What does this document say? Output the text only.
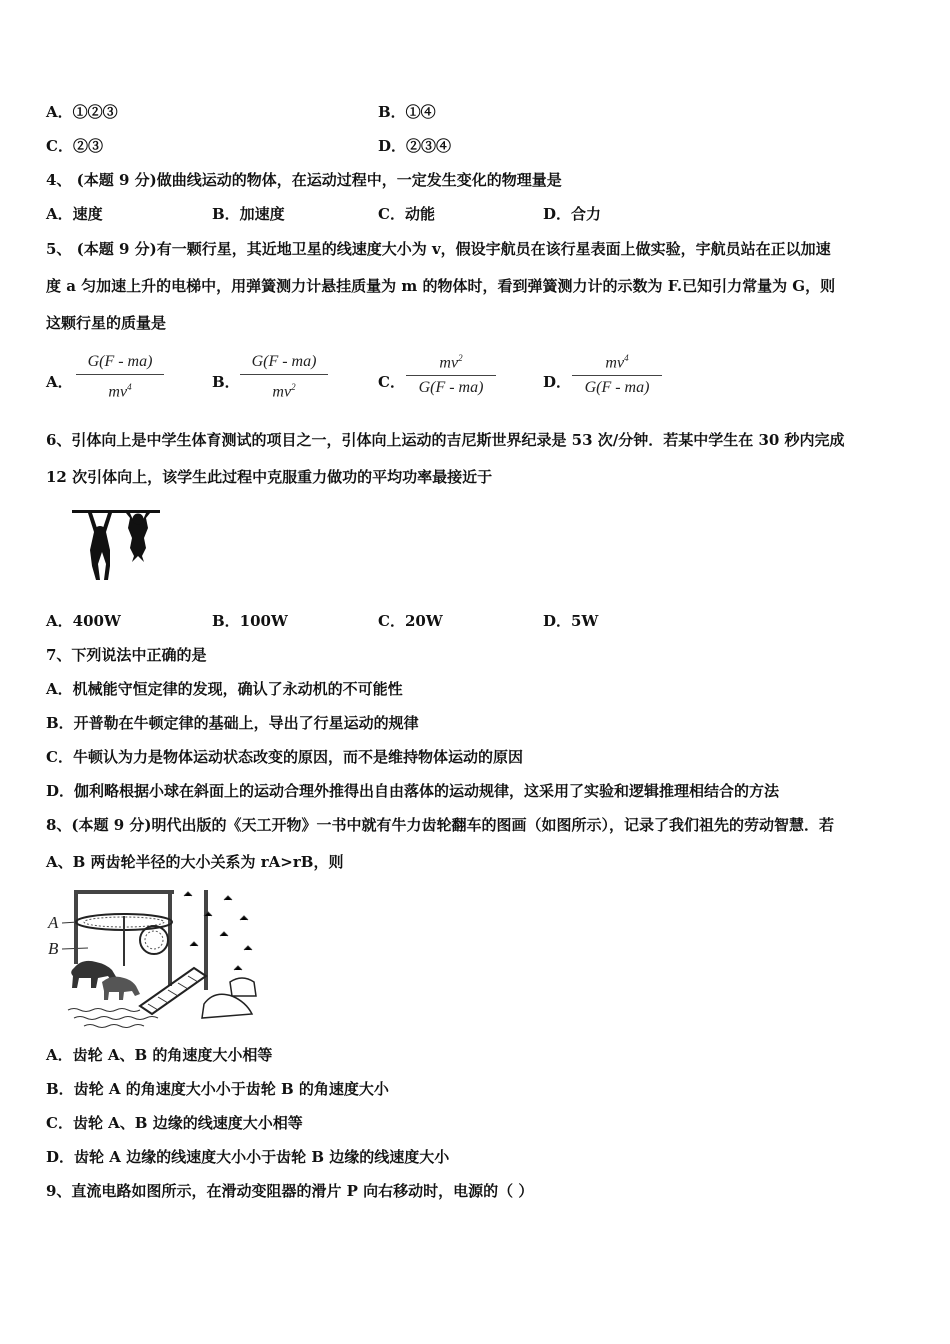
A．①②③	B．①④
C．②③	D．②③④
4、 (本题 9 分)做曲线运动的物体，在运动过程中，一定发生变化的物理量是
A．速度	B．加速度	C．动能	D．合力
5、 (本题 9 分)有一颗行星，其近地卫星的线速度大小为 v，假设宇航员在该行星表面上做实验，宇航员站在正以加速
度 a 匀加速上升的电梯中，用弹簧测力计悬挂质量为 m 的物体时，看到弹簧测力计的示数为 F.已知引力常量为 G，则
这颗行星的质量是
A．
G(F - ma)
$mv^4$	B．
G(F - ma)
$mv^2$	C．
$mv^2$
G(F - ma)	D．
$mv^4$
G(F - ma)
6、引体向上是中学生体育测试的项目之一，引体向上运动的吉尼斯世界纪录是 53 次/分钟．若某中学生在 30 秒内完成
12 次引体向上，该学生此过程中克服重力做功的平均功率最接近于
A．400W	B．100W	C．20W	D．5W
7、下列说法中正确的是
A．机械能守恒定律的发现，确认了永动机的不可能性
B．开普勒在牛顿定律的基础上，导出了行星运动的规律
C．牛顿认为力是物体运动状态改变的原因，而不是维持物体运动的原因
D．伽利略根据小球在斜面上的运动合理外推得出自由落体的运动规律，这采用了实验和逻辑推理相结合的方法
8、(本题 9 分)明代出版的《天工开物》一书中就有牛力齿轮翻车的图画（如图所示），记录了我们祖先的劳动智慧．若
A、B 两齿轮半径的大小关系为 rA>rB，则
A
B
A．齿轮 A、B 的角速度大小相等
B．齿轮 A 的角速度大小小于齿轮 B 的角速度大小
C．齿轮 A、B 边缘的线速度大小相等
D．齿轮 A 边缘的线速度大小小于齿轮 B 边缘的线速度大小
9、直流电路如图所示，在滑动变阻器的滑片 P 向右移动时，电源的（ ）
